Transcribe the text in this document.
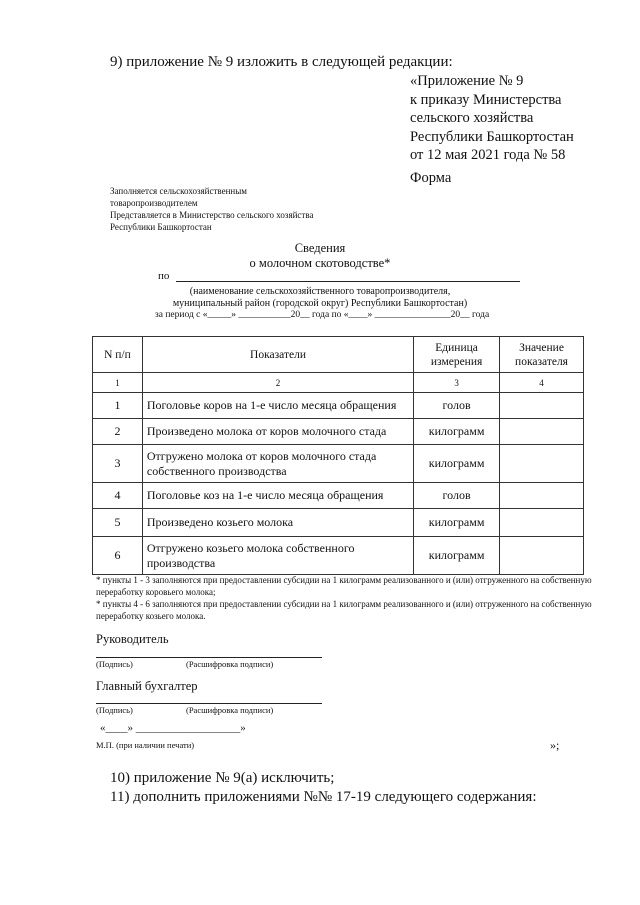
9) приложение № 9 изложить в следующей редакции:
«Приложение № 9
к приказу Министерства
сельского хозяйства
Республики Башкортостан
от 12 мая 2021 года № 58
Форма
Заполняется сельскохозяйственным
товаропроизводителем
Представляется в Министерство сельского хозяйства
Республики Башкортостан
Сведения
о молочном скотоводстве*
по
(наименование сельскохозяйственного товаропроизводителя,
муниципальный район (городской округ) Республики Башкортостан)
за период с «_____» ___________20__ года по «____» ________________20__ года
N п/п	Показатели	Единица измерения	Значение показателя
1	2	3	4
1	Поголовье коров на 1-е число месяца обращения	голов	
2	Произведено молока от коров молочного стада	килограмм	
3	Отгружено молока от коров молочного стада собственного производства	килограмм	
4	Поголовье коз на 1-е число месяца обращения	голов	
5	Произведено козьего молока	килограмм	
6	Отгружено козьего молока собственного производства	килограмм	
* пункты 1 - 3 заполняются при предоставлении субсидии на 1 килограмм реализованного и (или) отгруженного на собственную переработку коровьего молока;
* пункты 4 - 6 заполняются при предоставлении субсидии на 1 килограмм реализованного и (или) отгруженного на собственную переработку козьего молока.
Руководитель
(Подпись)	(Расшифровка подписи)
Главный бухгалтер
(Подпись)	(Расшифровка подписи)
«____» ___________________»
М.П. (при наличии печати)	»;
10) приложение № 9(а) исключить;
11) дополнить приложениями №№ 17-19 следующего содержания:
